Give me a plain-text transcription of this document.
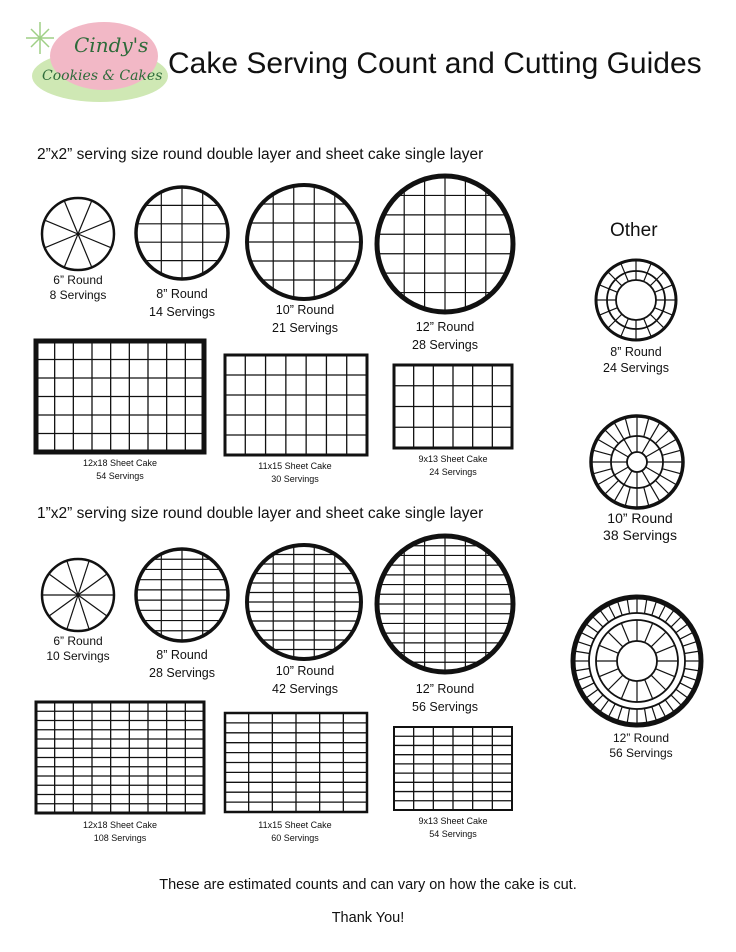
Cindy's
Cookies & Cakes Cake Serving Count and Cutting Guides
2”x2” serving size round double layer and sheet cake single layer
1”x2” serving size round double layer and sheet cake single layer
6” Round
8 Servings	8” Round
14 Servings	10” Round
21 Servings	12” Round
28 Servings
12x18 Sheet Cake
54 Servings
11x15 Sheet Cake
30 Servings
9x13 Sheet Cake
24 Servings
6” Round
10 Servings	8” Round
28 Servings	10” Round
42 Servings	12” Round
56 Servings
12x18 Sheet Cake
108 Servings
11x15 Sheet Cake
60 Servings
9x13 Sheet Cake
54 Servings
Other
8” Round
24 Servings
10” Round
38 Servings
12” Round
56 Servings
These are estimated counts and can vary on how the cake is cut.
Thank You!
